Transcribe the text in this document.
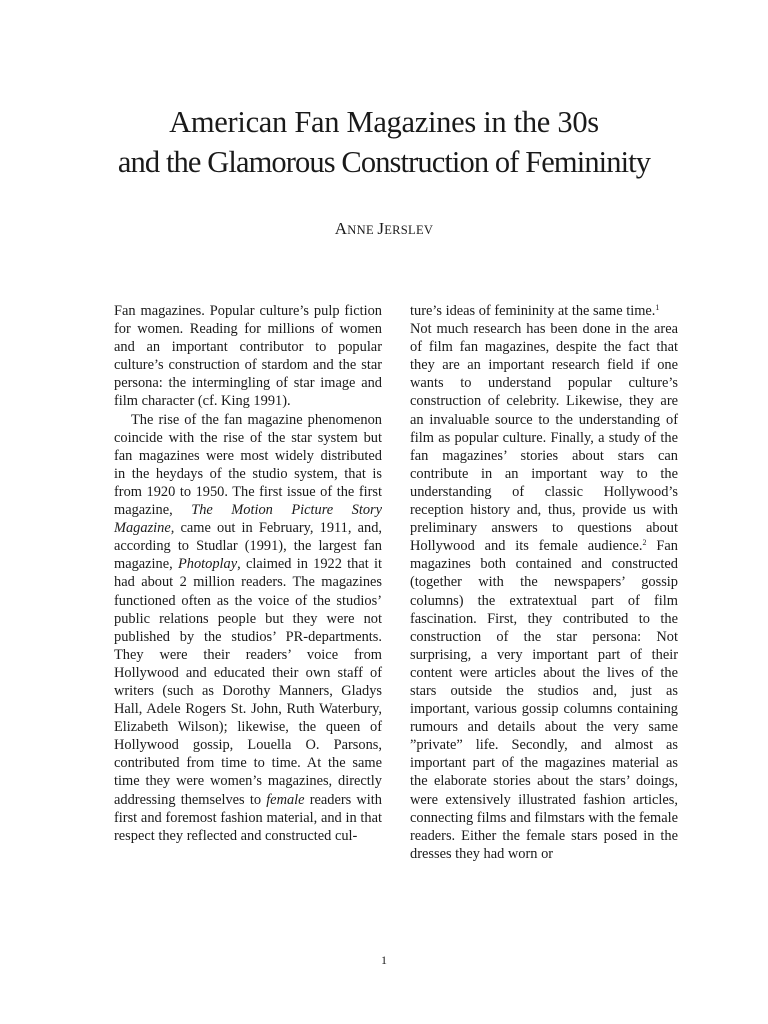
American Fan Magazines in the 30s
and the Glamorous Construction of Femininity
ANNE JERSLEV

Fan magazines. Popular culture’s pulp fiction for women. Reading for millions of women and an important contributor to popular culture’s construction of stardom and the star persona: the intermingling of star image and film character (cf. King 1991).

The rise of the fan magazine phenomenon coincide with the rise of the star system but fan magazines were most widely distributed in the heydays of the studio system, that is from 1920 to 1950. The first issue of the first magazine, The Motion Picture Story Magazine, came out in February, 1911, and, according to Studlar (1991), the largest fan magazine, Photoplay, claimed in 1922 that it had about 2 million readers. The magazines functioned often as the voice of the studios’ public relations people but they were not published by the studios’ PR-departments. They were their readers’ voice from Hollywood and educated their own staff of writers (such as Dorothy Manners, Gladys Hall, Adele Rogers St. John, Ruth Waterbury, Elizabeth Wilson); likewise, the queen of Hollywood gossip, Louella O. Parsons, contributed from time to time. At the same time they were women’s magazines, directly addressing themselves to female readers with first and foremost fashion material, and in that respect they reflected and constructed cul-

ture’s ideas of femininity at the same time.$^1$

Not much research has been done in the area of film fan magazines, despite the fact that they are an important research field if one wants to understand popular culture’s construction of celebrity. Likewise, they are an invaluable source to the understanding of film as popular culture. Finally, a study of the fan magazines’ stories about stars can contribute in an important way to the understanding of classic Hollywood’s reception history and, thus, provide us with preliminary answers to questions about Hollywood and its female audience.$^2$ Fan magazines both contained and constructed (together with the newspapers’ gossip columns) the extratextual part of film fascination. First, they contributed to the construction of the star persona: Not surprising, a very important part of their content were articles about the lives of the stars outside the studios and, just as important, various gossip columns containing rumours and details about the very same ”private” life. Secondly, and almost as important part of the magazines material as the elaborate stories about the stars’ doings, were extensively illustrated fashion articles, connecting films and filmstars with the female readers. Either the female stars posed in the dresses they had worn or

1
